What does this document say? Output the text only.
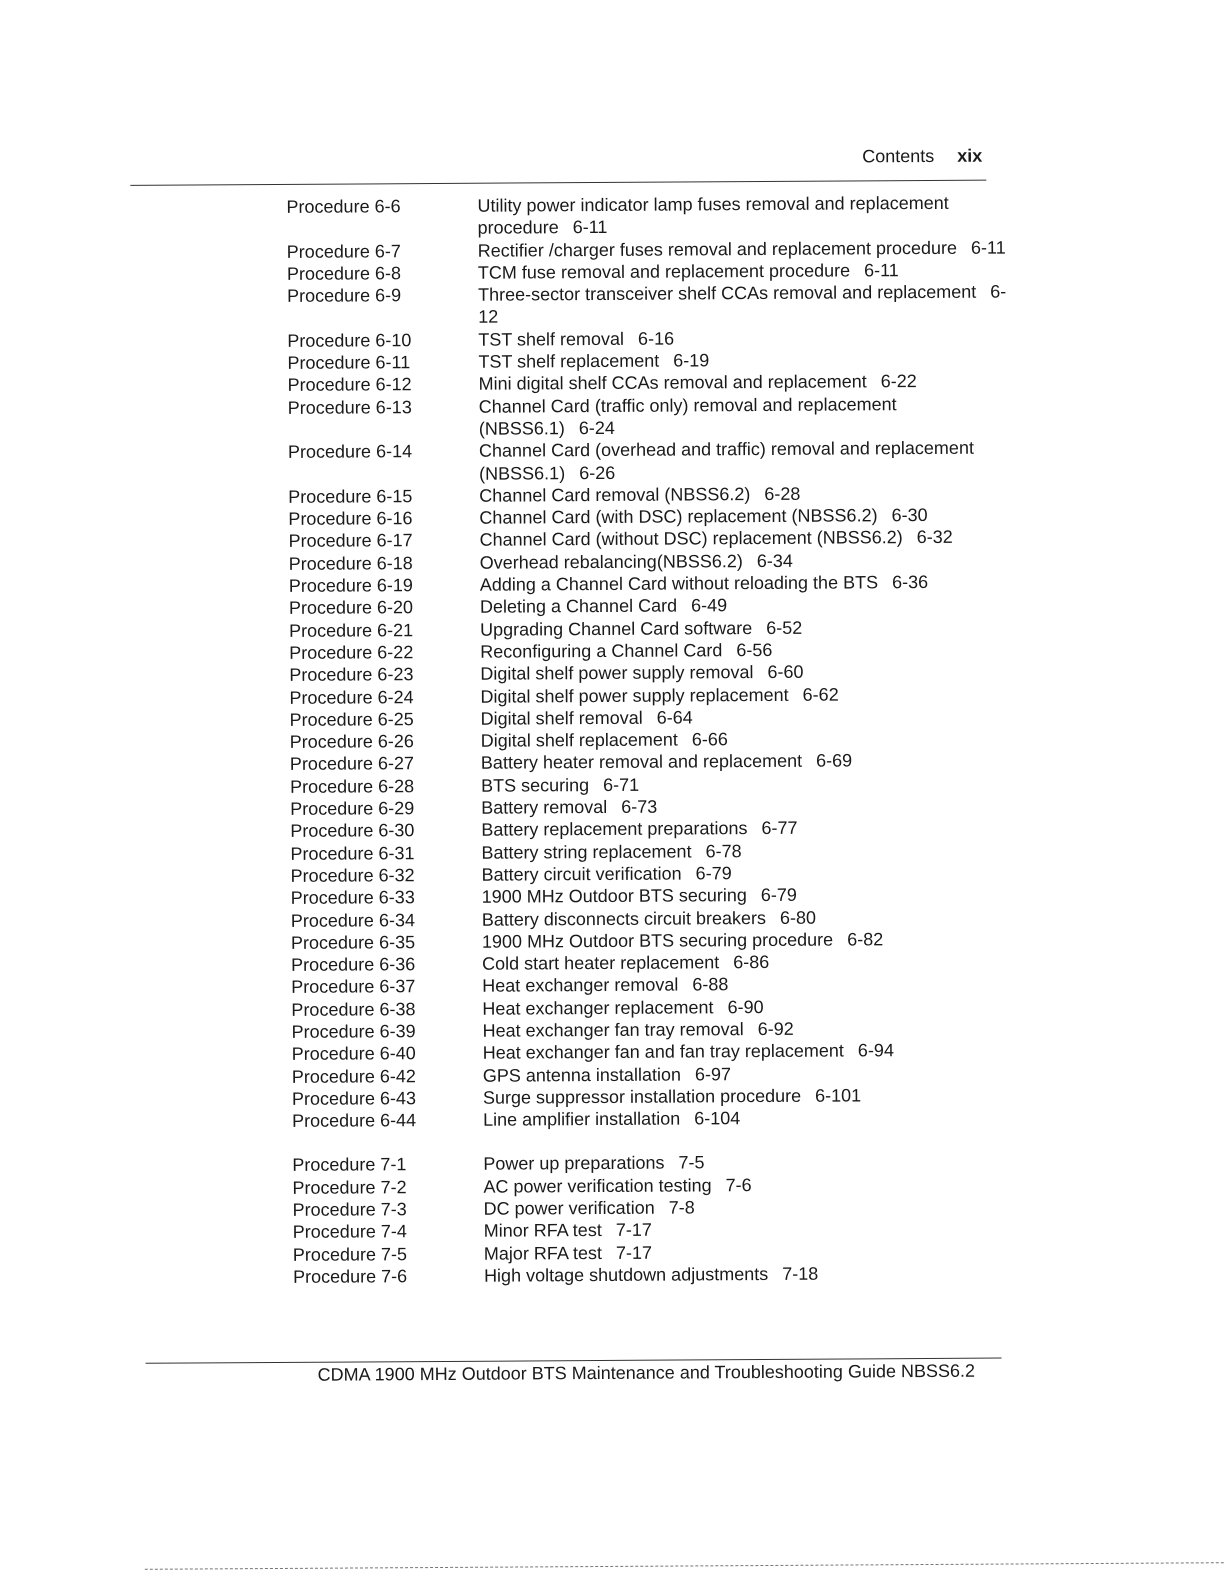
Contents xix
Procedure 6-6	Utility power indicator lamp fuses removal and replacement procedure 6-11
Procedure 6-7	Rectifier /charger fuses removal and replacement procedure 6-11
Procedure 6-8	TCM fuse removal and replacement procedure 6-11
Procedure 6-9	Three-sector transceiver shelf CCAs removal and replacement 6-12
Procedure 6-10	TST shelf removal 6-16
Procedure 6-11	TST shelf replacement 6-19
Procedure 6-12	Mini digital shelf CCAs removal and replacement 6-22
Procedure 6-13	Channel Card (traffic only) removal and replacement (NBSS6.1) 6-24
Procedure 6-14	Channel Card (overhead and traffic) removal and replacement (NBSS6.1) 6-26
Procedure 6-15	Channel Card removal (NBSS6.2) 6-28
Procedure 6-16	Channel Card (with DSC) replacement (NBSS6.2) 6-30
Procedure 6-17	Channel Card (without DSC) replacement (NBSS6.2) 6-32
Procedure 6-18	Overhead rebalancing(NBSS6.2) 6-34
Procedure 6-19	Adding a Channel Card without reloading the BTS 6-36
Procedure 6-20	Deleting a Channel Card 6-49
Procedure 6-21	Upgrading Channel Card software 6-52
Procedure 6-22	Reconfiguring a Channel Card 6-56
Procedure 6-23	Digital shelf power supply removal 6-60
Procedure 6-24	Digital shelf power supply replacement 6-62
Procedure 6-25	Digital shelf removal 6-64
Procedure 6-26	Digital shelf replacement 6-66
Procedure 6-27	Battery heater removal and replacement 6-69
Procedure 6-28	BTS securing 6-71
Procedure 6-29	Battery removal 6-73
Procedure 6-30	Battery replacement preparations 6-77
Procedure 6-31	Battery string replacement 6-78
Procedure 6-32	Battery circuit verification 6-79
Procedure 6-33	1900 MHz Outdoor BTS securing 6-79
Procedure 6-34	Battery disconnects circuit breakers 6-80
Procedure 6-35	1900 MHz Outdoor BTS securing procedure 6-82
Procedure 6-36	Cold start heater replacement 6-86
Procedure 6-37	Heat exchanger removal 6-88
Procedure 6-38	Heat exchanger replacement 6-90
Procedure 6-39	Heat exchanger fan tray removal 6-92
Procedure 6-40	Heat exchanger fan and fan tray replacement 6-94
Procedure 6-42	GPS antenna installation 6-97
Procedure 6-43	Surge suppressor installation procedure 6-101
Procedure 6-44	Line amplifier installation 6-104
Procedure 7-1	Power up preparations 7-5
Procedure 7-2	AC power verification testing 7-6
Procedure 7-3	DC power verification 7-8
Procedure 7-4	Minor RFA test 7-17
Procedure 7-5	Major RFA test 7-17
Procedure 7-6	High voltage shutdown adjustments 7-18
CDMA 1900 MHz Outdoor BTS Maintenance and Troubleshooting Guide NBSS6.2
